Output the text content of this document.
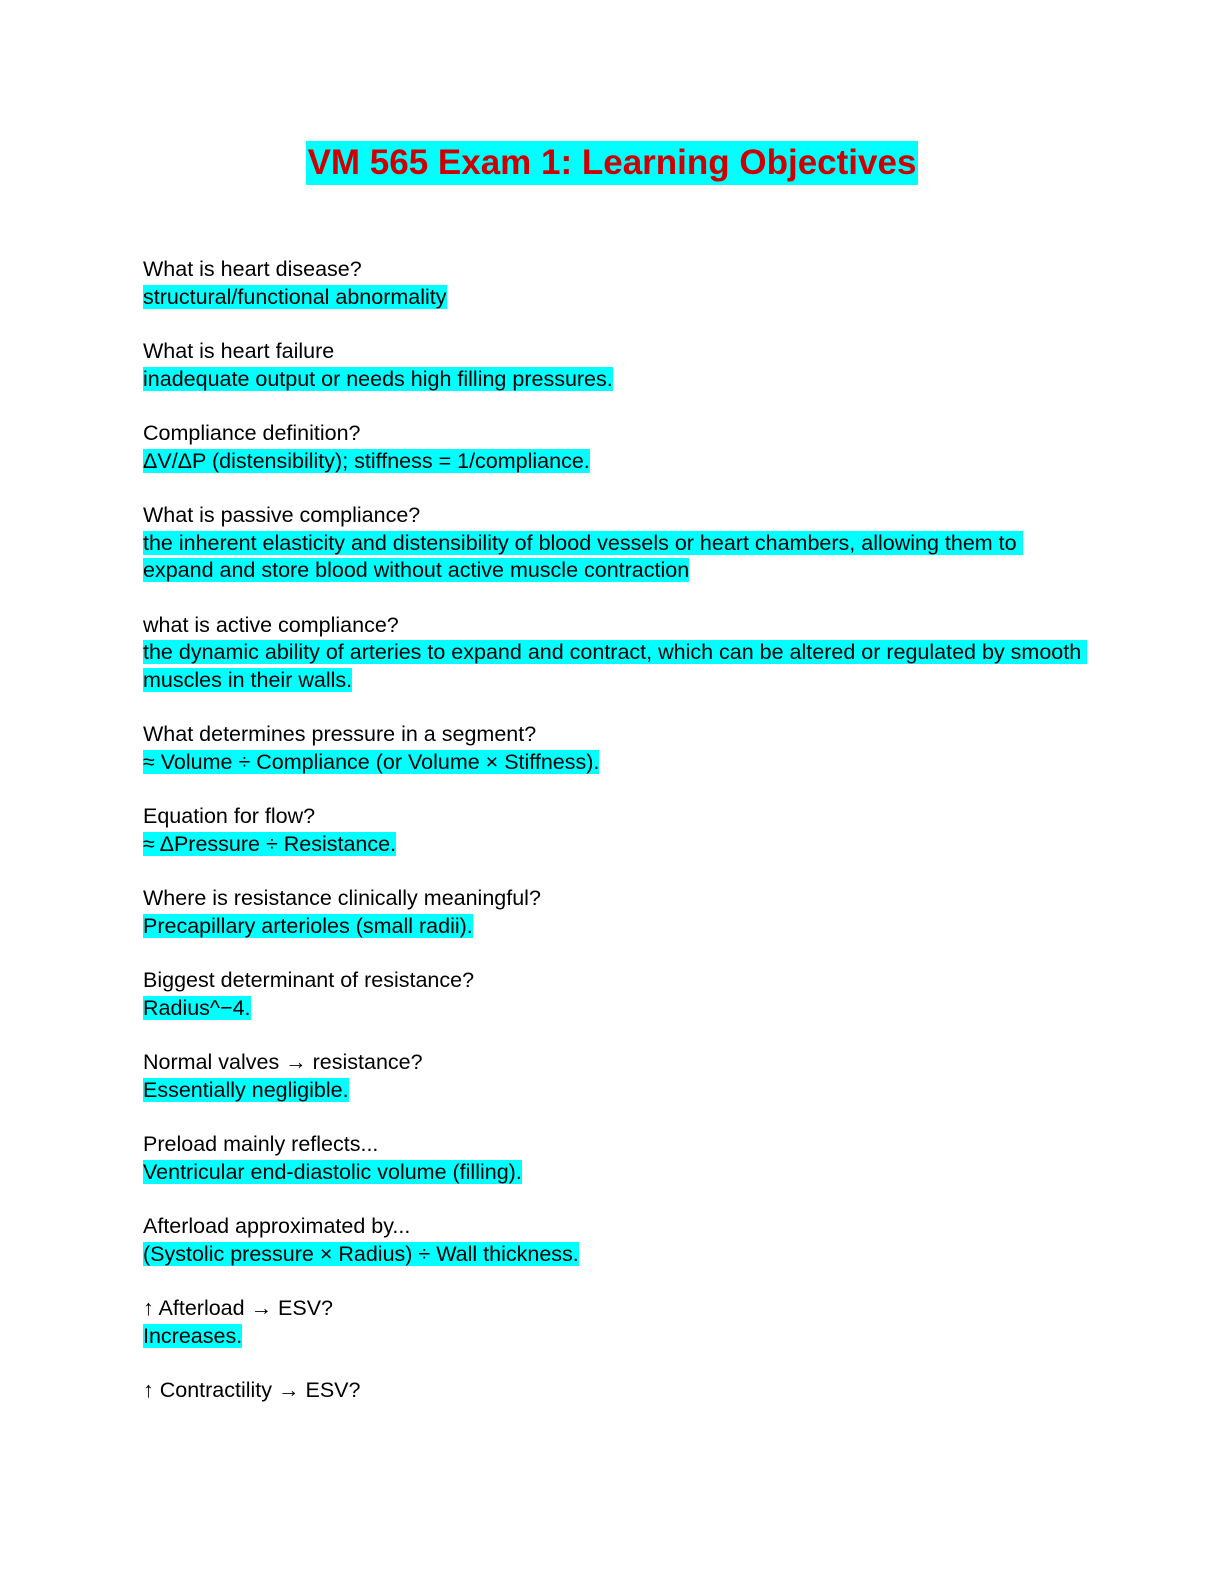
VM 565 Exam 1: Learning Objectives
What is heart disease?
structural/functional abnormality
What is heart failure
inadequate output or needs high filling pressures.
Compliance definition?
ΔV/ΔP (distensibility); stiffness = 1/compliance.
What is passive compliance?
the inherent elasticity and distensibility of blood vessels or heart chambers, allowing them to expand and store blood without active muscle contraction
what is active compliance?
the dynamic ability of arteries to expand and contract, which can be altered or regulated by smooth muscles in their walls.
What determines pressure in a segment?
≈ Volume ÷ Compliance (or Volume × Stiffness).
Equation for flow?
≈ ΔPressure ÷ Resistance.
Where is resistance clinically meaningful?
Precapillary arterioles (small radii).
Biggest determinant of resistance?
Radius^−4.
Normal valves → resistance?
Essentially negligible.
Preload mainly reflects...
Ventricular end-diastolic volume (filling).
Afterload approximated by...
(Systolic pressure × Radius) ÷ Wall thickness.
↑ Afterload → ESV?
Increases.
↑ Contractility → ESV?
